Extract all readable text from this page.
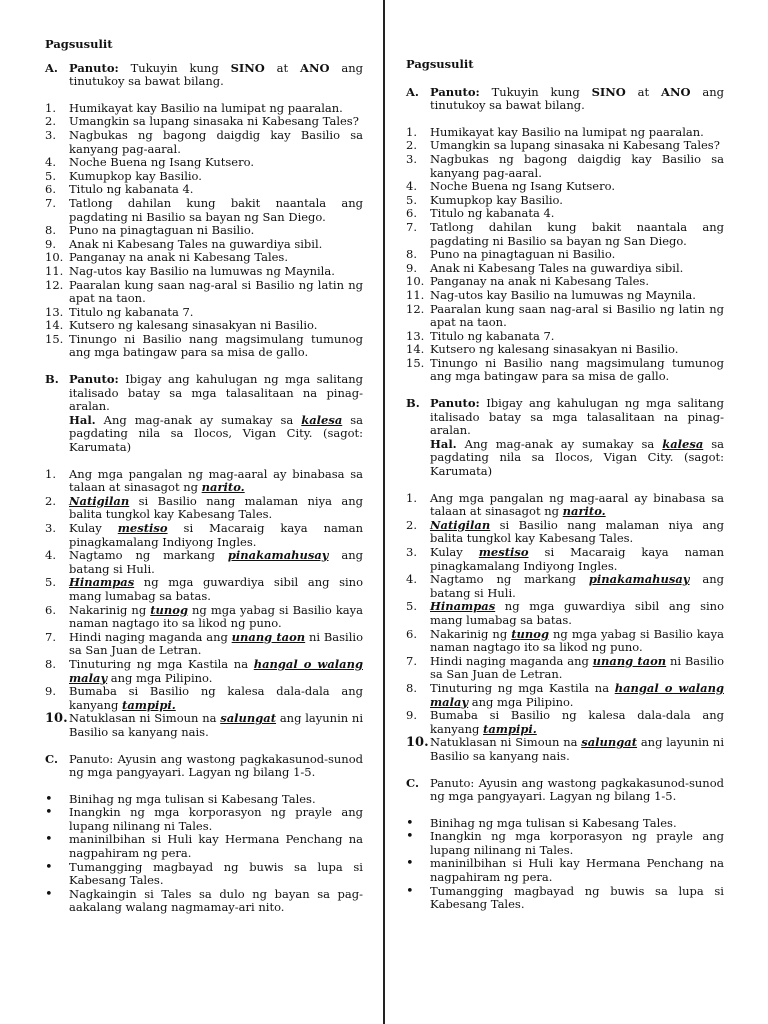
Pagsusulit
A. Panuto: Tukuyin kung SINO at ANO ang tinutukoy sa bawat bilang.
1.	Humikayat kay Basilio na lumipat ng paaralan.
2.	Umangkin sa lupang sinasaka ni Kabesang Tales?
3.	Nagbukas ng bagong daigdig kay Basilio sa kanyang pag-aaral.
4.	Noche Buena ng Isang Kutsero.
5.	Kumupkop kay Basilio.
6.	Titulo ng kabanata 4.
7.	Tatlong dahilan kung bakit naantala ang pagdating ni Basilio sa bayan ng San Diego.
8.	Puno na pinagtaguan ni Basilio.
9.	Anak ni Kabesang Tales na guwardiya sibil.
10. Panganay na anak ni Kabesang Tales.
11. Nag-utos kay Basilio na lumuwas ng Maynila.
12. Paaralan kung saan nag-aral si Basilio ng latin ng apat na taon.
13. Titulo ng kabanata 7.
14. Kutsero ng kalesang sinasakyan ni Basilio.
15. Tinungo ni Basilio nang magsimulang tumunog ang mga batingaw para sa misa de gallo.
B. Panuto: Ibigay ang kahulugan ng mga salitang italisado batay sa mga talasalitaan na pinag-aralan.
Hal. Ang mag-anak ay sumakay sa kalesa sa pagdating nila sa Ilocos, Vigan City. (sagot: Karumata)
1.	Ang mga pangalan ng mag-aaral ay binabasa sa talaan at sinasagot ng narito.
2.	Natigilan si Basilio nang malaman niya ang balita tungkol kay Kabesang Tales.
3.	Kulay mestiso si Macaraig kaya naman pinagkamalang Indiyong Ingles.
4.	Nagtamo ng markang pinakamahusay ang batang si Huli.
5.	Hinampas ng mga guwardiya sibil ang sino mang lumabag sa batas.
6.	Nakarinig ng tunog ng mga yabag si Basilio kaya naman nagtago ito sa likod ng puno.
7.	Hindi naging maganda ang unang taon ni Basilio sa San Juan de Letran.
8.	Tinuturing ng mga Kastila na hangal o walang malay ang mga Pilipino.
9.	Bumaba si Basilio ng kalesa dala-dala ang kanyang tampipi.
10. Natuklasan ni Simoun na salungat ang layunin ni Basilio sa kanyang nais.
C. Panuto: Ayusin ang wastong pagkakasunod-sunod ng mga pangyayari. Lagyan ng bilang 1-5.
•	Binihag ng mga tulisan si Kabesang Tales.
•	Inangkin ng mga korporasyon ng prayle ang lupang nilinang ni Tales.
•	maninilbihan si Huli kay Hermana Penchang na nagpahiram ng pera.
•	Tumangging magbayad ng buwis sa lupa si Kabesang Tales.
•	Nagkaingin si Tales sa dulo ng bayan sa pag-aakalang walang nagmamay-ari nito.
Pagsusulit
A. Panuto: Tukuyin kung SINO at ANO ang tinutukoy sa bawat bilang.
1.	Humikayat kay Basilio na lumipat ng paaralan.
2.	Umangkin sa lupang sinasaka ni Kabesang Tales?
3.	Nagbukas ng bagong daigdig kay Basilio sa kanyang pag-aaral.
4.	Noche Buena ng Isang Kutsero.
5.	Kumupkop kay Basilio.
6.	Titulo ng kabanata 4.
7.	Tatlong dahilan kung bakit naantala ang pagdating ni Basilio sa bayan ng San Diego.
8.	Puno na pinagtaguan ni Basilio.
9.	Anak ni Kabesang Tales na guwardiya sibil.
10. Panganay na anak ni Kabesang Tales.
11. Nag-utos kay Basilio na lumuwas ng Maynila.
12. Paaralan kung saan nag-aral si Basilio ng latin ng apat na taon.
13. Titulo ng kabanata 7.
14. Kutsero ng kalesang sinasakyan ni Basilio.
15. Tinungo ni Basilio nang magsimulang tumunog ang mga batingaw para sa misa de gallo.
B. Panuto: Ibigay ang kahulugan ng mga salitang italisado batay sa mga talasalitaan na pinag-aralan.
Hal. Ang mag-anak ay sumakay sa kalesa sa pagdating nila sa Ilocos, Vigan City. (sagot: Karumata)
1.	Ang mga pangalan ng mag-aaral ay binabasa sa talaan at sinasagot ng narito.
2.	Natigilan si Basilio nang malaman niya ang balita tungkol kay Kabesang Tales.
3.	Kulay mestiso si Macaraig kaya naman pinagkamalang Indiyong Ingles.
4.	Nagtamo ng markang pinakamahusay ang batang si Huli.
5.	Hinampas ng mga guwardiya sibil ang sino mang lumabag sa batas.
6.	Nakarinig ng tunog ng mga yabag si Basilio kaya naman nagtago ito sa likod ng puno.
7.	Hindi naging maganda ang unang taon ni Basilio sa San Juan de Letran.
8.	Tinuturing ng mga Kastila na hangal o walang malay ang mga Pilipino.
9.	Bumaba si Basilio ng kalesa dala-dala ang kanyang tampipi.
10. Natuklasan ni Simoun na salungat ang layunin ni Basilio sa kanyang nais.
C. Panuto: Ayusin ang wastong pagkakasunod-sunod ng mga pangyayari. Lagyan ng bilang 1-5.
•	Binihag ng mga tulisan si Kabesang Tales.
•	Inangkin ng mga korporasyon ng prayle ang lupang nilinang ni Tales.
•	maninilbihan si Huli kay Hermana Penchang na nagpahiram ng pera.
•	Tumangging magbayad ng buwis sa lupa si Kabesang Tales.
